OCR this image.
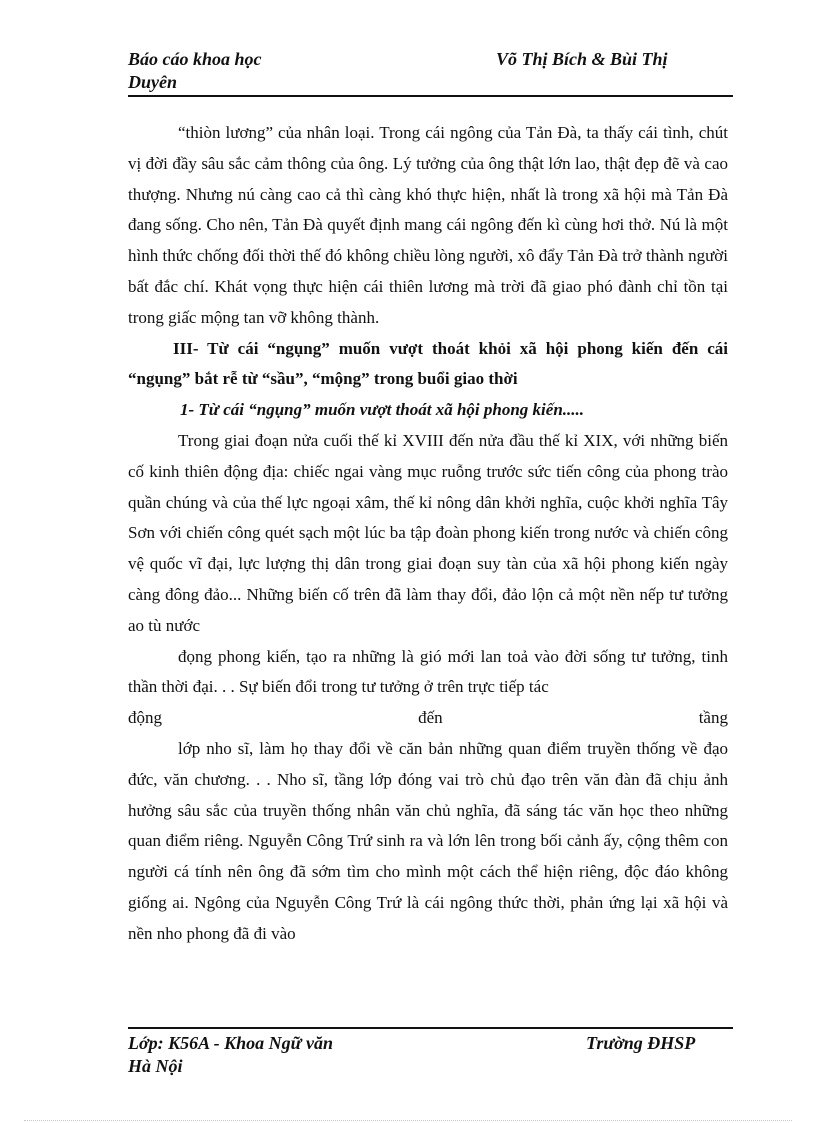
Báo cáo khoa học	Võ Thị Bích & Bùi Thị
Duyên

“thiòn lương” của nhân loại. Trong cái ngông của Tản Đà, ta thấy cái tình, chút vị đời đầy sâu sắc cảm thông của ông. Lý tưởng của ông thật lớn lao, thật đẹp đẽ và cao thượng. Nhưng nú càng cao cả thì càng khó thực hiện, nhất là trong xã hội mà Tản Đà đang sống. Cho nên, Tản Đà quyết định mang cái ngông đến kì cùng hơi thở. Nú là một hình thức chống đối thời thế đó không chiều lòng người, xô đẩy Tản Đà trở thành người bất đắc chí. Khát vọng thực hiện cái thiên lương mà trời đã giao phó đành chỉ tồn tại trong giấc mộng tan vỡ không thành.

III- Từ cái “ngụng” muốn vượt thoát khỏi xã hội phong kiến đến cái “ngụng” bắt rễ từ “sầu”, “mộng” trong buổi giao thời

1- Từ cái “ngụng” muốn vượt thoát xã hội phong kiến.....

Trong giai đoạn nửa cuối thế kỉ XVIII đến nửa đầu thế kỉ XIX, với những biến cố kinh thiên động địa: chiếc ngai vàng mục ruỗng trước sức tiến công của phong trào quần chúng và của thế lực ngoại xâm, thế kỉ nông dân khởi nghĩa, cuộc khởi nghĩa Tây Sơn với chiến công quét sạch một lúc ba tập đoàn phong kiến trong nước và chiến công vệ quốc vĩ đại, lực lượng thị dân trong giai đoạn suy tàn của xã hội phong kiến ngày càng đông đảo... Những biến cố trên đã làm thay đổi, đảo lộn cả một nền nếp tư tưởng ao tù nước

đọng phong kiến, tạo ra những là gió mới lan toả vào đời sống tư tưởng, tinh thần thời đại. . . Sự biến đổi trong tư tưởng ở trên trực tiếp tác

động	đến	tầng

lớp nho sĩ, làm họ thay đổi về căn bản những quan điểm truyền thống về đạo đức, văn chương. . . Nho sĩ, tầng lớp đóng vai trò chủ đạo trên văn đàn đã chịu ảnh hưởng sâu sắc của truyền thống nhân văn chủ nghĩa, đã sáng tác văn học theo những quan điểm riêng. Nguyễn Công Trứ sinh ra và lớn lên trong bối cảnh ấy, cộng thêm con người cá tính nên ông đã sớm tìm cho mình một cách thể hiện riêng, độc đáo không giống ai. Ngông của Nguyễn Công Trứ là cái ngông thức thời, phản ứng lại xã hội và nền nho phong đã đi vào

Lớp: K56A - Khoa Ngữ văn	Trường ĐHSP
Hà Nội
